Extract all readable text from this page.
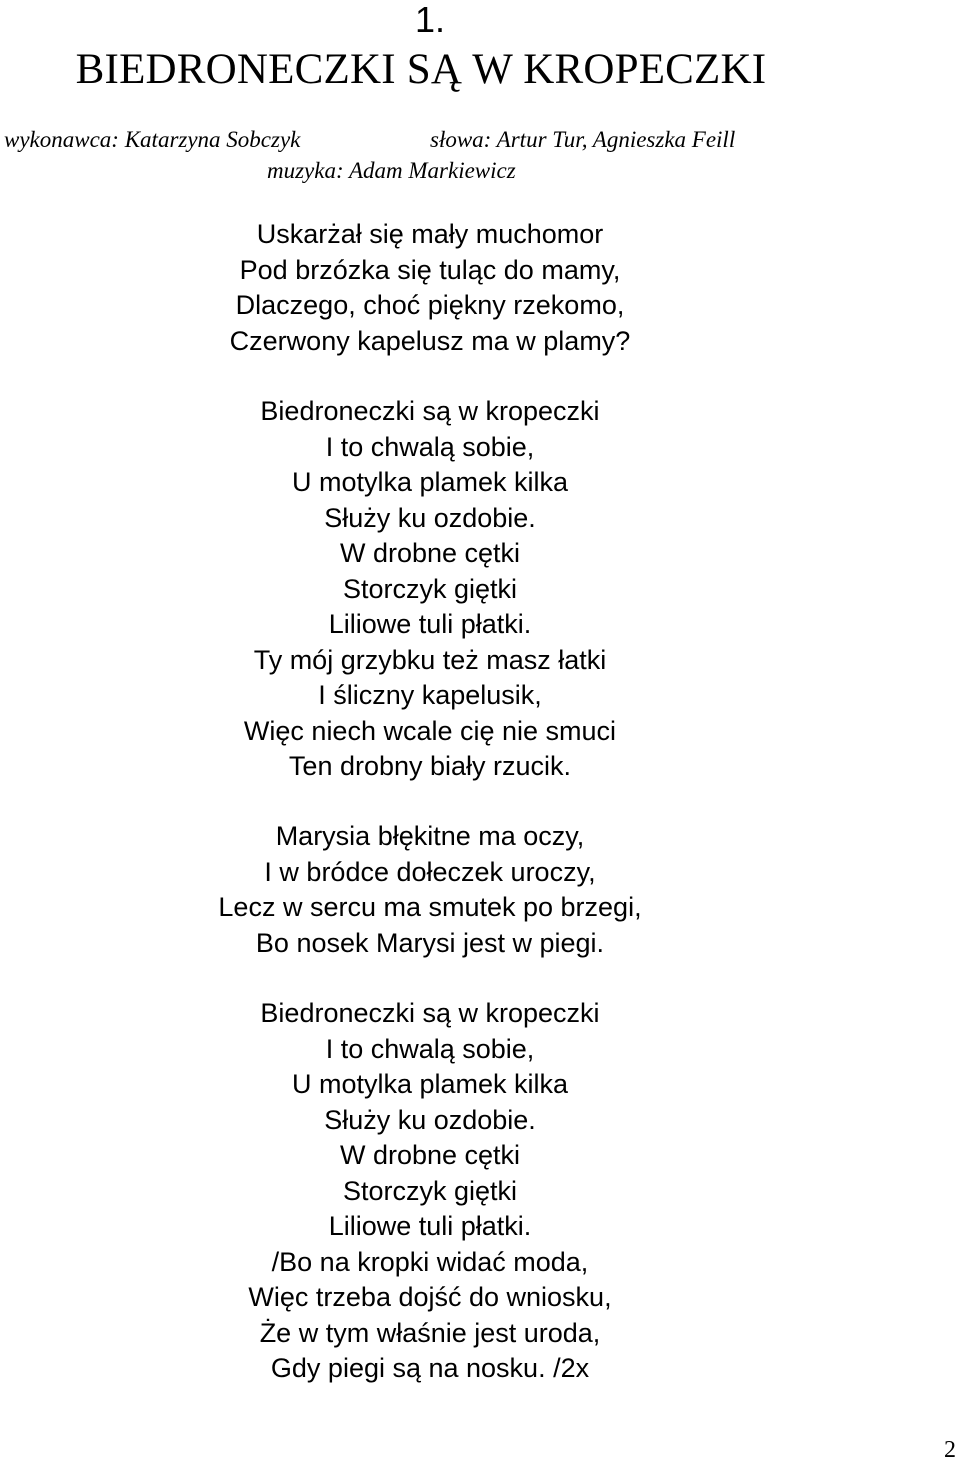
1.
BIEDRONECZKI SĄ W KROPECZKI
wykonawca: Katarzyna Sobczyk	słowa: Artur Tur, Agnieszka Feill
muzyka: Adam Markiewicz
Uskarżał się mały muchomor
Pod brzózka się tuląc do mamy,
Dlaczego, choć piękny rzekomo,
Czerwony kapelusz ma w plamy?
Biedroneczki są w kropeczki
I to chwalą sobie,
U motylka plamek kilka
Służy ku ozdobie.
W drobne cętki
Storczyk giętki
Liliowe tuli płatki.
Ty mój grzybku też masz łatki
I śliczny kapelusik,
Więc niech wcale cię nie smuci
Ten drobny biały rzucik.
Marysia błękitne ma oczy,
I w bródce dołeczek uroczy,
Lecz w sercu ma smutek po brzegi,
Bo nosek Marysi jest w piegi.
Biedroneczki są w kropeczki
I to chwalą sobie,
U motylka plamek kilka
Służy ku ozdobie.
W drobne cętki
Storczyk giętki
Liliowe tuli płatki.
/Bo na kropki widać moda,
Więc trzeba dojść do wniosku,
Że w tym właśnie jest uroda,
Gdy piegi są na nosku. /2x
2
